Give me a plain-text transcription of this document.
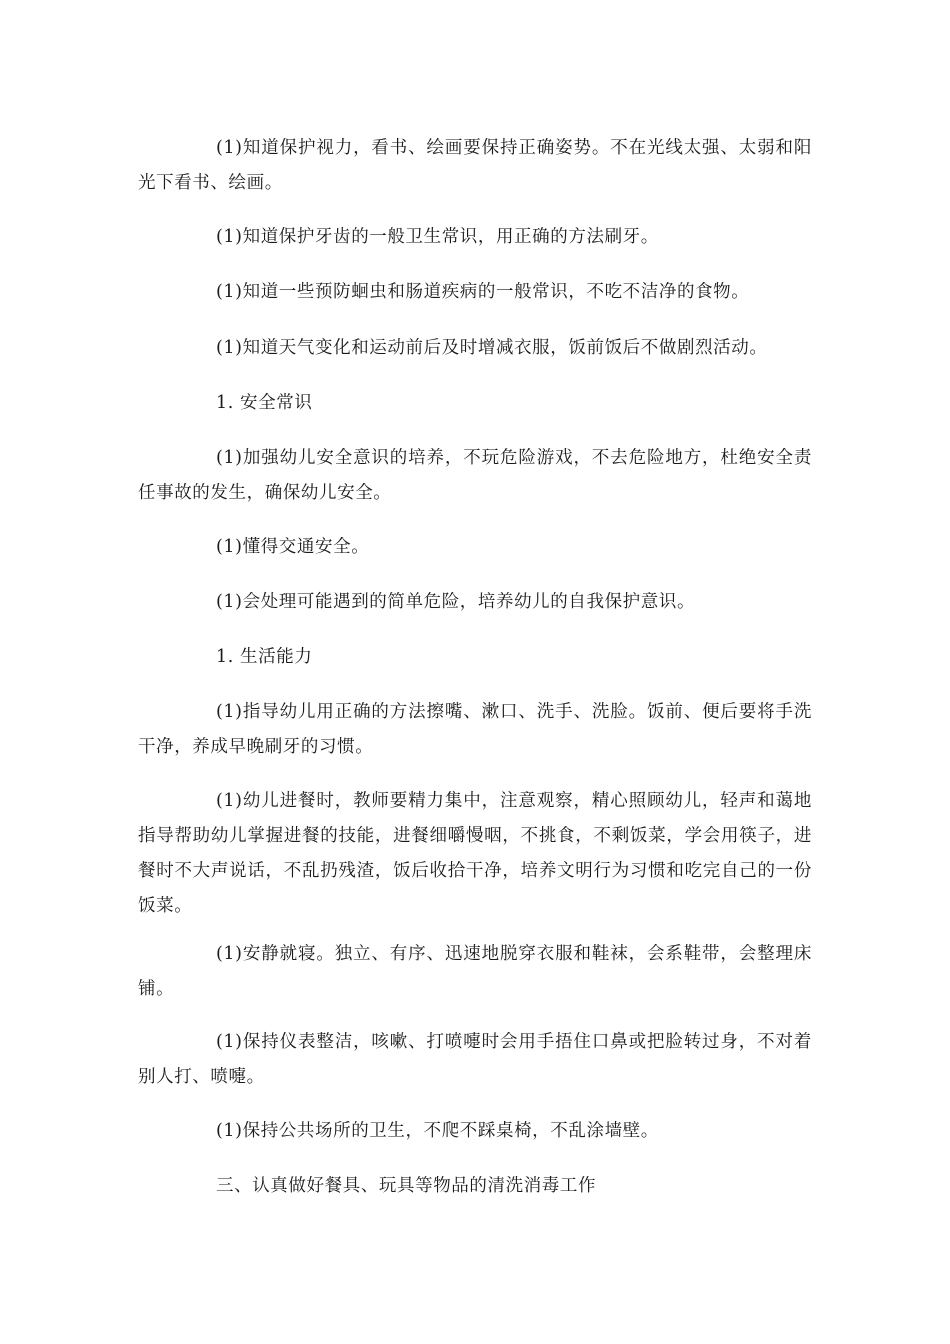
(1)知道保护视力，看书、绘画要保持正确姿势。不在光线太强、太弱和阳光下看书、绘画。

(1)知道保护牙齿的一般卫生常识，用正确的方法刷牙。

(1)知道一些预防蛔虫和肠道疾病的一般常识，不吃不洁净的食物。

(1)知道天气变化和运动前后及时增减衣服，饭前饭后不做剧烈活动。

1. 安全常识

(1)加强幼儿安全意识的培养，不玩危险游戏，不去危险地方，杜绝安全责任事故的发生，确保幼儿安全。

(1)懂得交通安全。

(1)会处理可能遇到的简单危险，培养幼儿的自我保护意识。

1. 生活能力

(1)指导幼儿用正确的方法擦嘴、漱口、洗手、洗脸。饭前、便后要将手洗干净，养成早晚刷牙的习惯。

(1)幼儿进餐时，教师要精力集中，注意观察，精心照顾幼儿，轻声和蔼地指导帮助幼儿掌握进餐的技能，进餐细嚼慢咽，不挑食，不剩饭菜，学会用筷子，进餐时不大声说话，不乱扔残渣，饭后收拾干净，培养文明行为习惯和吃完自己的一份饭菜。

(1)安静就寝。独立、有序、迅速地脱穿衣服和鞋袜，会系鞋带，会整理床铺。

(1)保持仪表整洁，咳嗽、打喷嚏时会用手捂住口鼻或把脸转过身，不对着别人打、喷嚏。

(1)保持公共场所的卫生，不爬不踩桌椅，不乱涂墙壁。

三、认真做好餐具、玩具等物品的清洗消毒工作
